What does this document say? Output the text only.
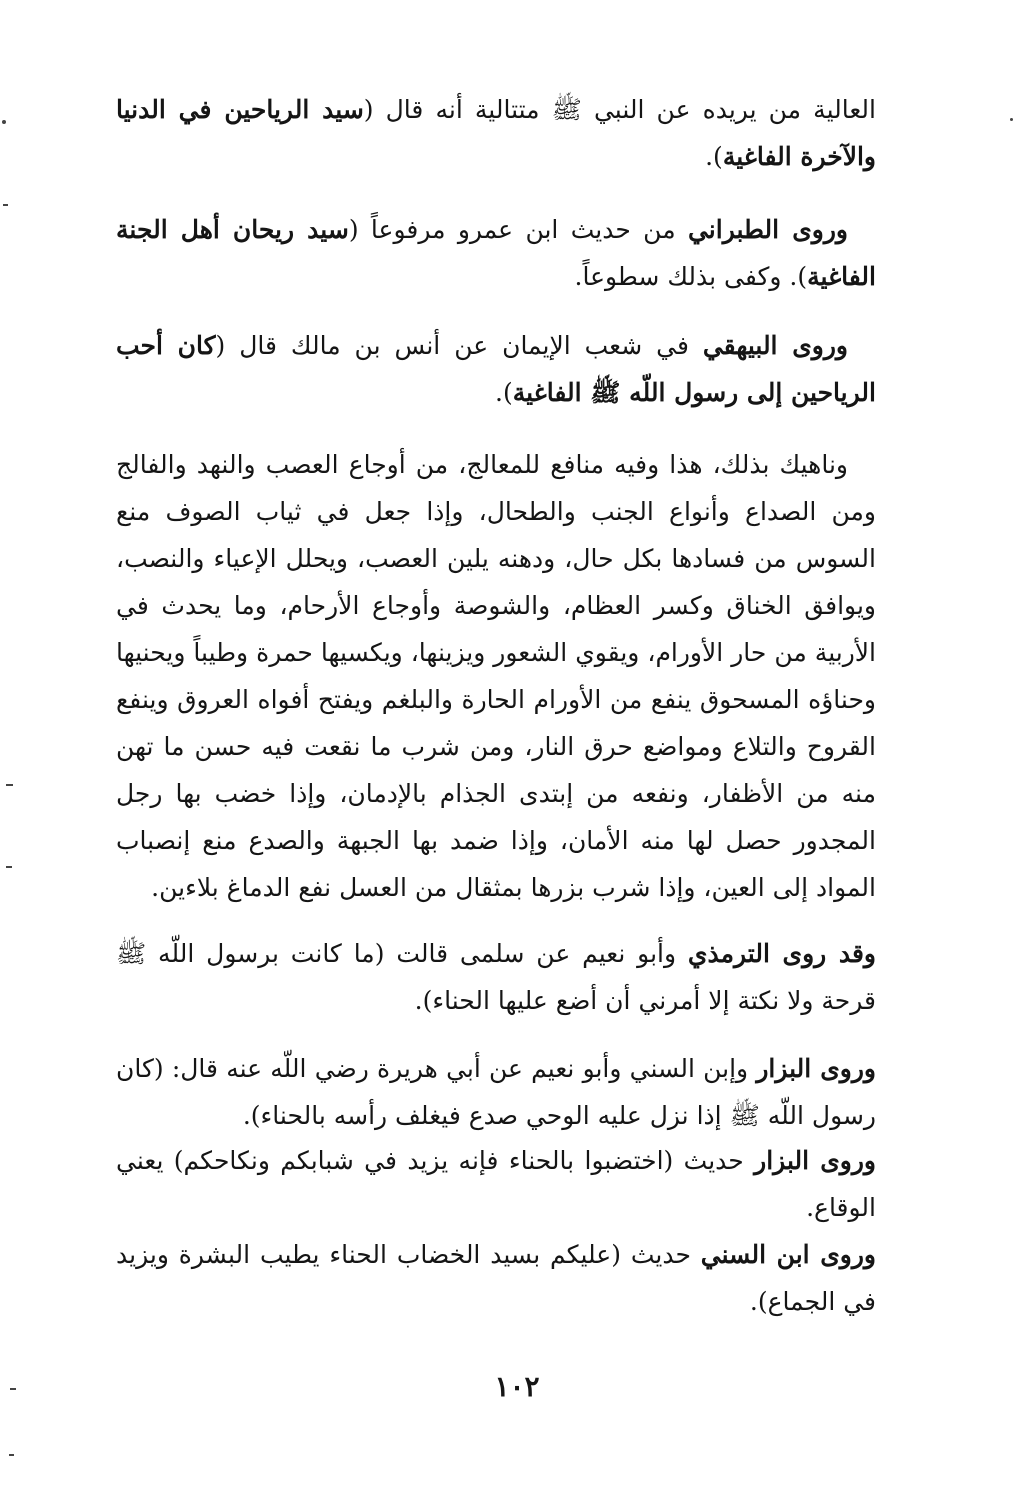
العالية من يريده عن النبي ﷺ متتالية أنه قال (سيد الرياحين في الدنيا والآخرة الفاغية).

وروى الطبراني من حديث ابن عمرو مرفوعاً (سيد ريحان أهل الجنة الفاغية). وكفى بذلك سطوعاً.

وروى البيهقي في شعب الإيمان عن أنس بن مالك قال (كان أحب الرياحين إلى رسول اللّه ﷺ الفاغية).

وناهيك بذلك، هذا وفيه منافع للمعالج، من أوجاع العصب والنهد والفالج ومن الصداع وأنواع الجنب والطحال، وإذا جعل في ثياب الصوف منع السوس من فسادها بكل حال، ودهنه يلين العصب، ويحلل الإعياء والنصب، ويوافق الخناق وكسر العظام، والشوصة وأوجاع الأرحام، وما يحدث في الأربية من حار الأورام، ويقوي الشعور ويزينها، ويكسيها حمرة وطيباً ويحنيها وحناؤه المسحوق ينفع من الأورام الحارة والبلغم ويفتح أفواه العروق وينفع القروح والتلاع ومواضع حرق النار، ومن شرب ما نقعت فيه حسن ما تهن منه من الأظفار، ونفعه من إبتدى الجذام بالإدمان، وإذا خضب بها رجل المجدور حصل لها منه الأمان، وإذا ضمد بها الجبهة والصدع منع إنصباب المواد إلى العين، وإذا شرب بزرها بمثقال من العسل نفع الدماغ بلاءين.

وقد روى الترمذي وأبو نعيم عن سلمى قالت (ما كانت برسول اللّه ﷺ قرحة ولا نكتة إلا أمرني أن أضع عليها الحناء).

وروى البزار وإبن السني وأبو نعيم عن أبي هريرة رضي اللّه عنه قال: (كان رسول اللّه ﷺ إذا نزل عليه الوحي صدع فيغلف رأسه بالحناء).

وروى البزار حديث (اختضبوا بالحناء فإنه يزيد في شبابكم ونكاحكم) يعني الوقاع.

وروى ابن السني حديث (عليكم بسيد الخضاب الحناء يطيب البشرة ويزيد في الجماع).

١٠٢
